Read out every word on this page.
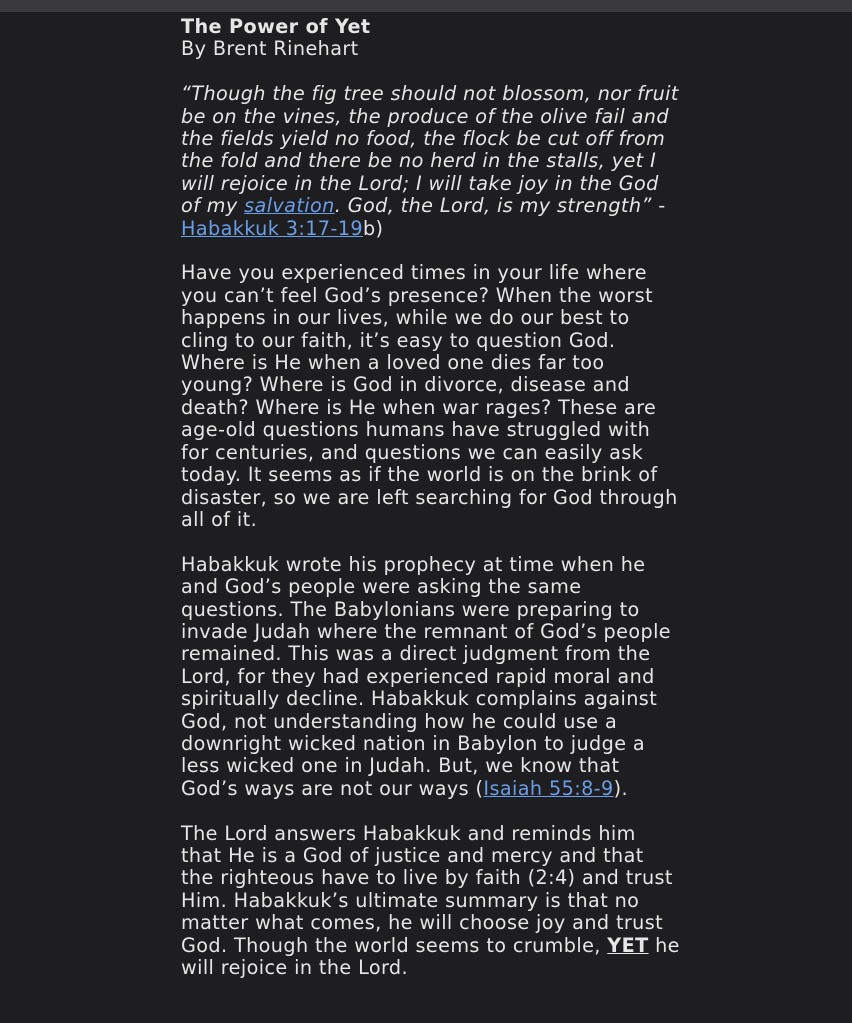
The Power of Yet
By Brent Rinehart

“Though the fig tree should not blossom, nor fruit be on the vines, the produce of the olive fail and the fields yield no food, the flock be cut off from the fold and there be no herd in the stalls, yet I will rejoice in the Lord; I will take joy in the God of my salvation. God, the Lord, is my strength” - Habakkuk 3:17-19b)

Have you experienced times in your life where you can’t feel God’s presence? When the worst happens in our lives, while we do our best to cling to our faith, it’s easy to question God. Where is He when a loved one dies far too young? Where is God in divorce, disease and death? Where is He when war rages? These are age-old questions humans have struggled with for centuries, and questions we can easily ask today. It seems as if the world is on the brink of disaster, so we are left searching for God through all of it.

Habakkuk wrote his prophecy at time when he and God’s people were asking the same questions. The Babylonians were preparing to invade Judah where the remnant of God’s people remained. This was a direct judgment from the Lord, for they had experienced rapid moral and spiritually decline. Habakkuk complains against God, not understanding how he could use a downright wicked nation in Babylon to judge a less wicked one in Judah. But, we know that God’s ways are not our ways (Isaiah 55:8-9).

The Lord answers Habakkuk and reminds him that He is a God of justice and mercy and that the righteous have to live by faith (2:4) and trust Him. Habakkuk’s ultimate summary is that no matter what comes, he will choose joy and trust God. Though the world seems to crumble, YET he will rejoice in the Lord.
